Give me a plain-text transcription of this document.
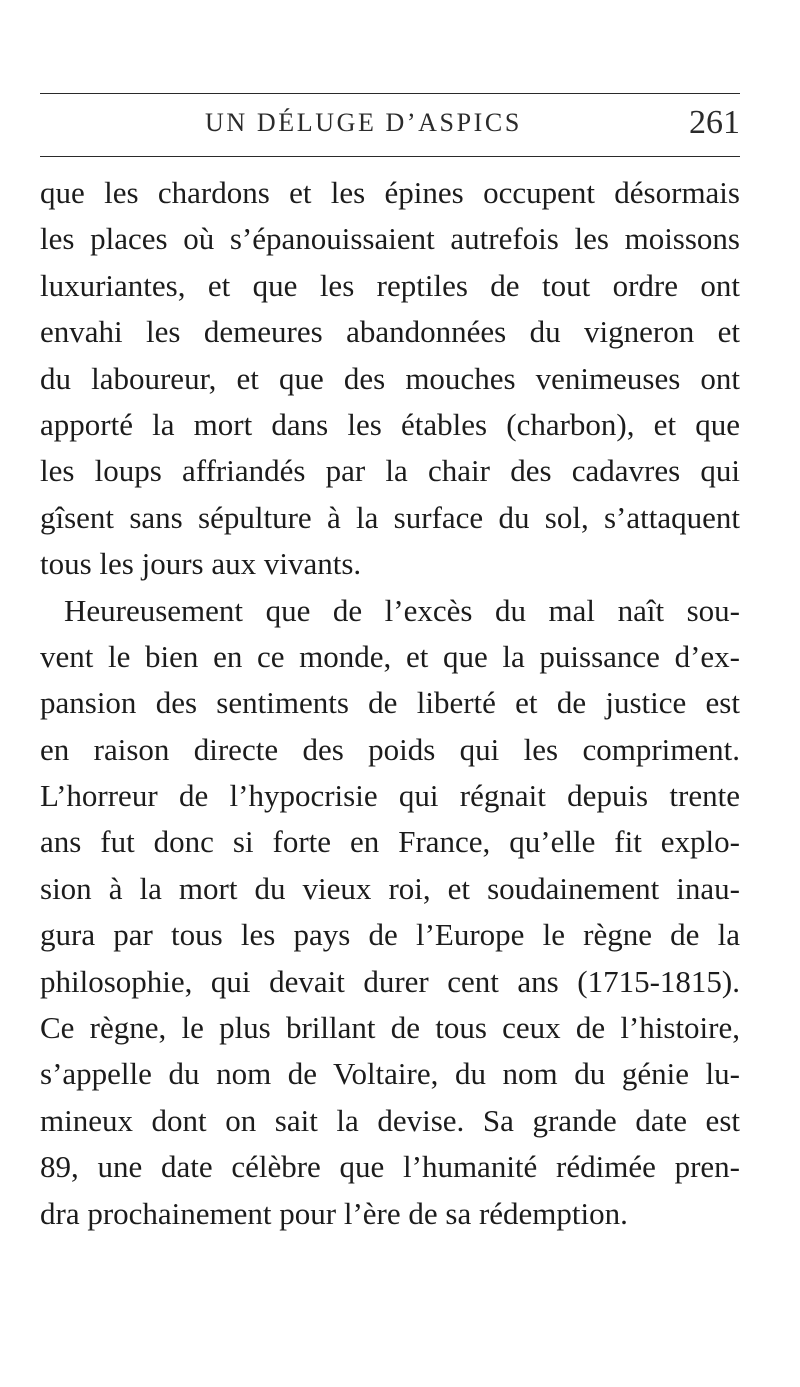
UN DÉLUGE D’ASPICS	261
que les chardons et les épines occupent désormais
les places où s’épanouissaient autrefois les moissons
luxuriantes, et que les reptiles de tout ordre ont
envahi les demeures abandonnées du vigneron et
du laboureur, et que des mouches venimeuses ont
apporté la mort dans les étables (charbon), et que
les loups affriandés par la chair des cadavres qui
gîsent sans sépulture à la surface du sol, s’attaquent
tous les jours aux vivants.
Heureusement que de l’excès du mal naît sou-
vent le bien en ce monde, et que la puissance d’ex-
pansion des sentiments de liberté et de justice est
en raison directe des poids qui les compriment.
L’horreur de l’hypocrisie qui régnait depuis trente
ans fut donc si forte en France, qu’elle fit explo-
sion à la mort du vieux roi, et soudainement inau-
gura par tous les pays de l’Europe le règne de la
philosophie, qui devait durer cent ans (1715-1815).
Ce règne, le plus brillant de tous ceux de l’histoire,
s’appelle du nom de Voltaire, du nom du génie lu-
mineux dont on sait la devise. Sa grande date est
89, une date célèbre que l’humanité rédimée pren-
dra prochainement pour l’ère de sa rédemption.
